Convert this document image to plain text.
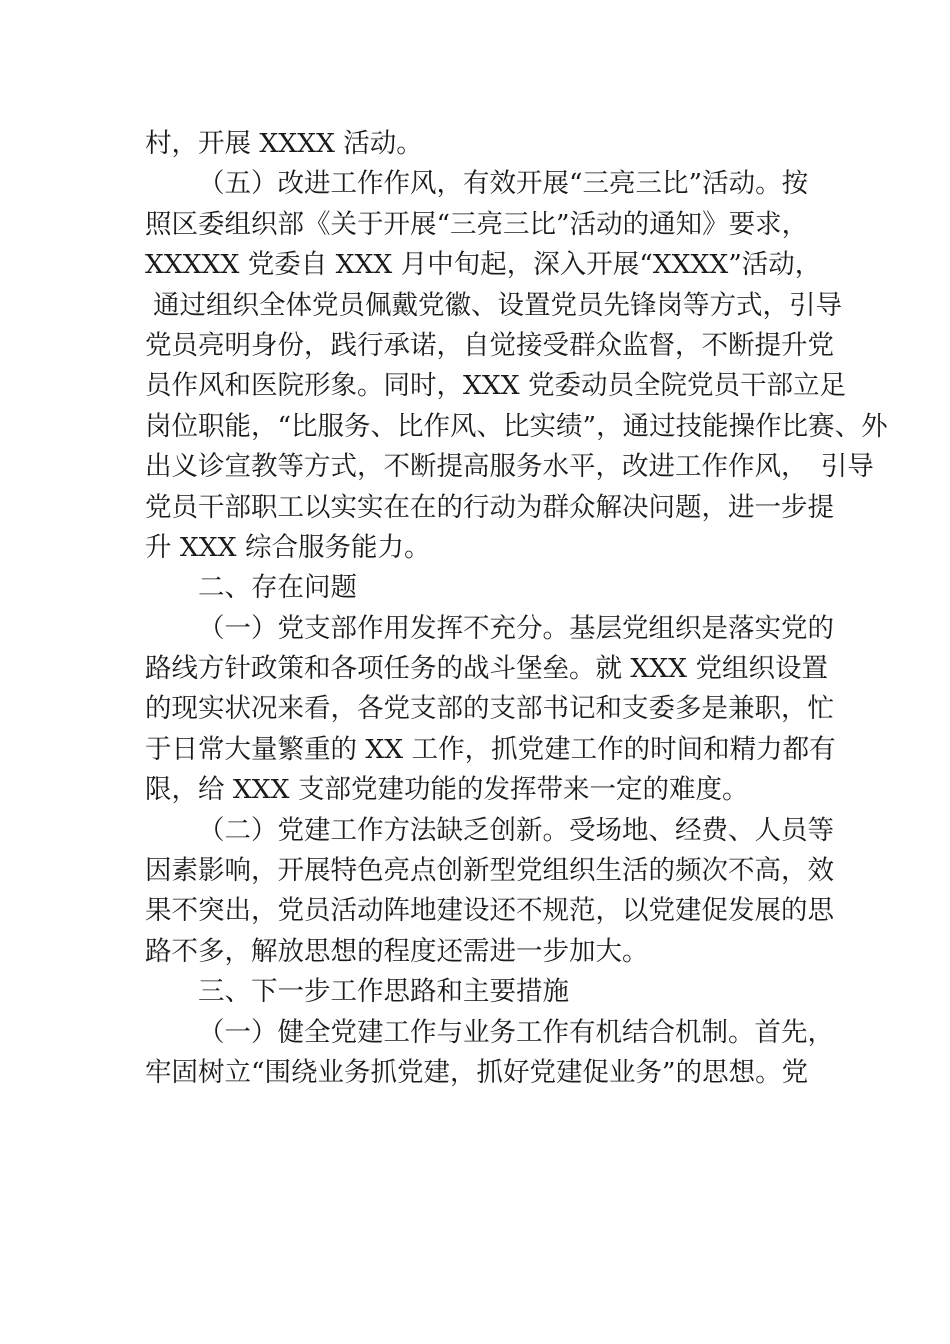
村，开展 XXXX 活动。
（五）改进工作作风，有效开展“三亮三比”活动。按
照区委组织部《关于开展“三亮三比”活动的通知》要求，
XXXXX 党委自 XXX 月中旬起，深入开展“XXXX”活动，
通过组织全体党员佩戴党徽、设置党员先锋岗等方式，引导
党员亮明身份，践行承诺，自觉接受群众监督，不断提升党
员作风和医院形象。同时，XXX 党委动员全院党员干部立足
岗位职能，“比服务、比作风、比实绩”，通过技能操作比赛、外
出义诊宣教等方式，不断提高服务水平，改进工作作风，　引导
党员干部职工以实实在在的行动为群众解决问题，进一步提
升 XXX 综合服务能力。
二、存在问题
（一）党支部作用发挥不充分。基层党组织是落实党的
路线方针政策和各项任务的战斗堡垒。就 XXX 党组织设置
的现实状况来看，各党支部的支部书记和支委多是兼职，忙
于日常大量繁重的 XX 工作，抓党建工作的时间和精力都有
限，给 XXX 支部党建功能的发挥带来一定的难度。
（二）党建工作方法缺乏创新。受场地、经费、人员等
因素影响，开展特色亮点创新型党组织生活的频次不高，效
果不突出，党员活动阵地建设还不规范，以党建促发展的思
路不多，解放思想的程度还需进一步加大。
三、下一步工作思路和主要措施
（一）健全党建工作与业务工作有机结合机制。首先，
牢固树立“围绕业务抓党建，抓好党建促业务”的思想。党
